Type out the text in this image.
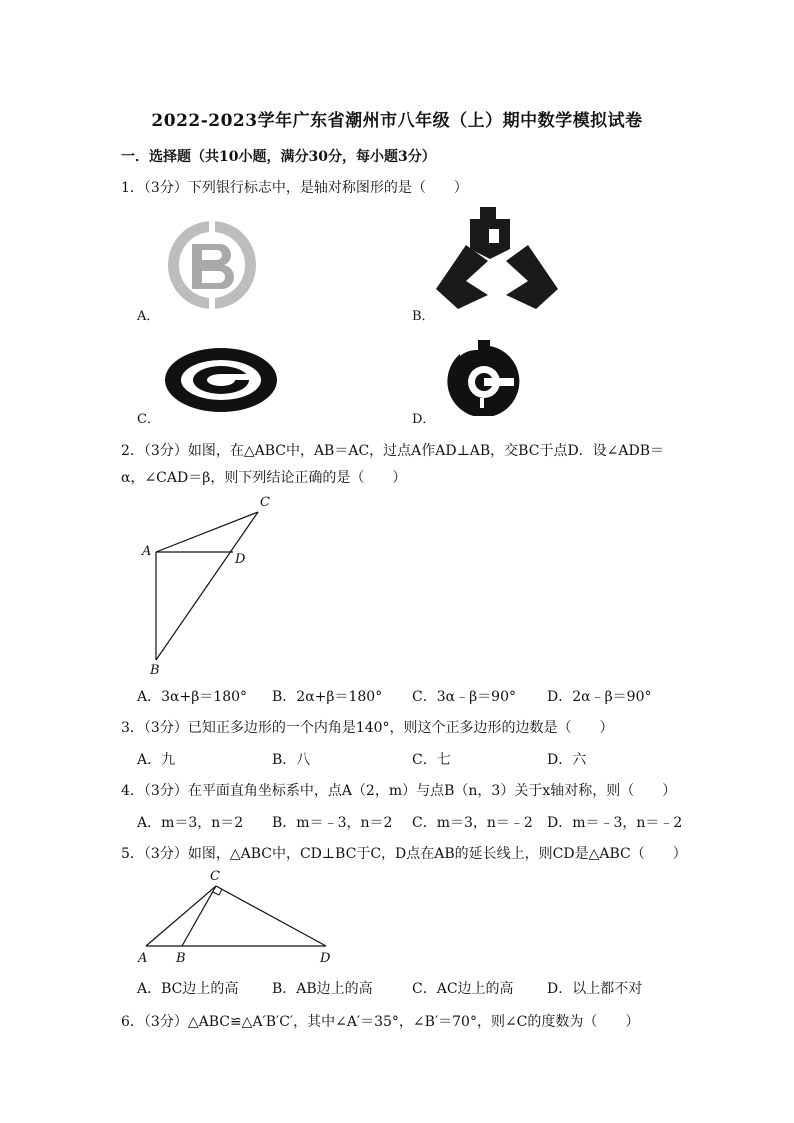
2022-2023学年广东省潮州市八年级（上）期中数学模拟试卷
一．选择题（共10小题，满分30分，每小题3分）
1．（3分）下列银行标志中，是轴对称图形的是（　　）
A．	B．
C．	D．
2．（3分）如图，在△ABC中，AB＝AC，过点A作AD⊥AB，交BC于点D．设∠ADB＝
α，∠CAD＝β，则下列结论正确的是（　　）
A
B
C
D
A．3α+β＝180° B．2α+β＝180° C．3α﹣β＝90° D．2α﹣β＝90°
3．（3分）已知正多边形的一个内角是140°，则这个正多边形的边数是（　　）
A．九	B．八	C．七	D．六
4．（3分）在平面直角坐标系中，点A（2，m）与点B（n，3）关于x轴对称，则（　　）
A．m＝3，n＝2 B．m＝﹣3，n＝2 C．m＝3，n＝﹣2 D．m＝﹣3，n＝﹣2
5．（3分）如图，△ABC中，CD⊥BC于C，D点在AB的延长线上，则CD是△ABC（　　）
A B
C
D
A．BC边上的高 B．AB边上的高	C．AC边上的高 D．以上都不对
6．（3分）△ABC≌△A′B′C′，其中∠A′＝35°，∠B′＝70°，则∠C的度数为（　　）
